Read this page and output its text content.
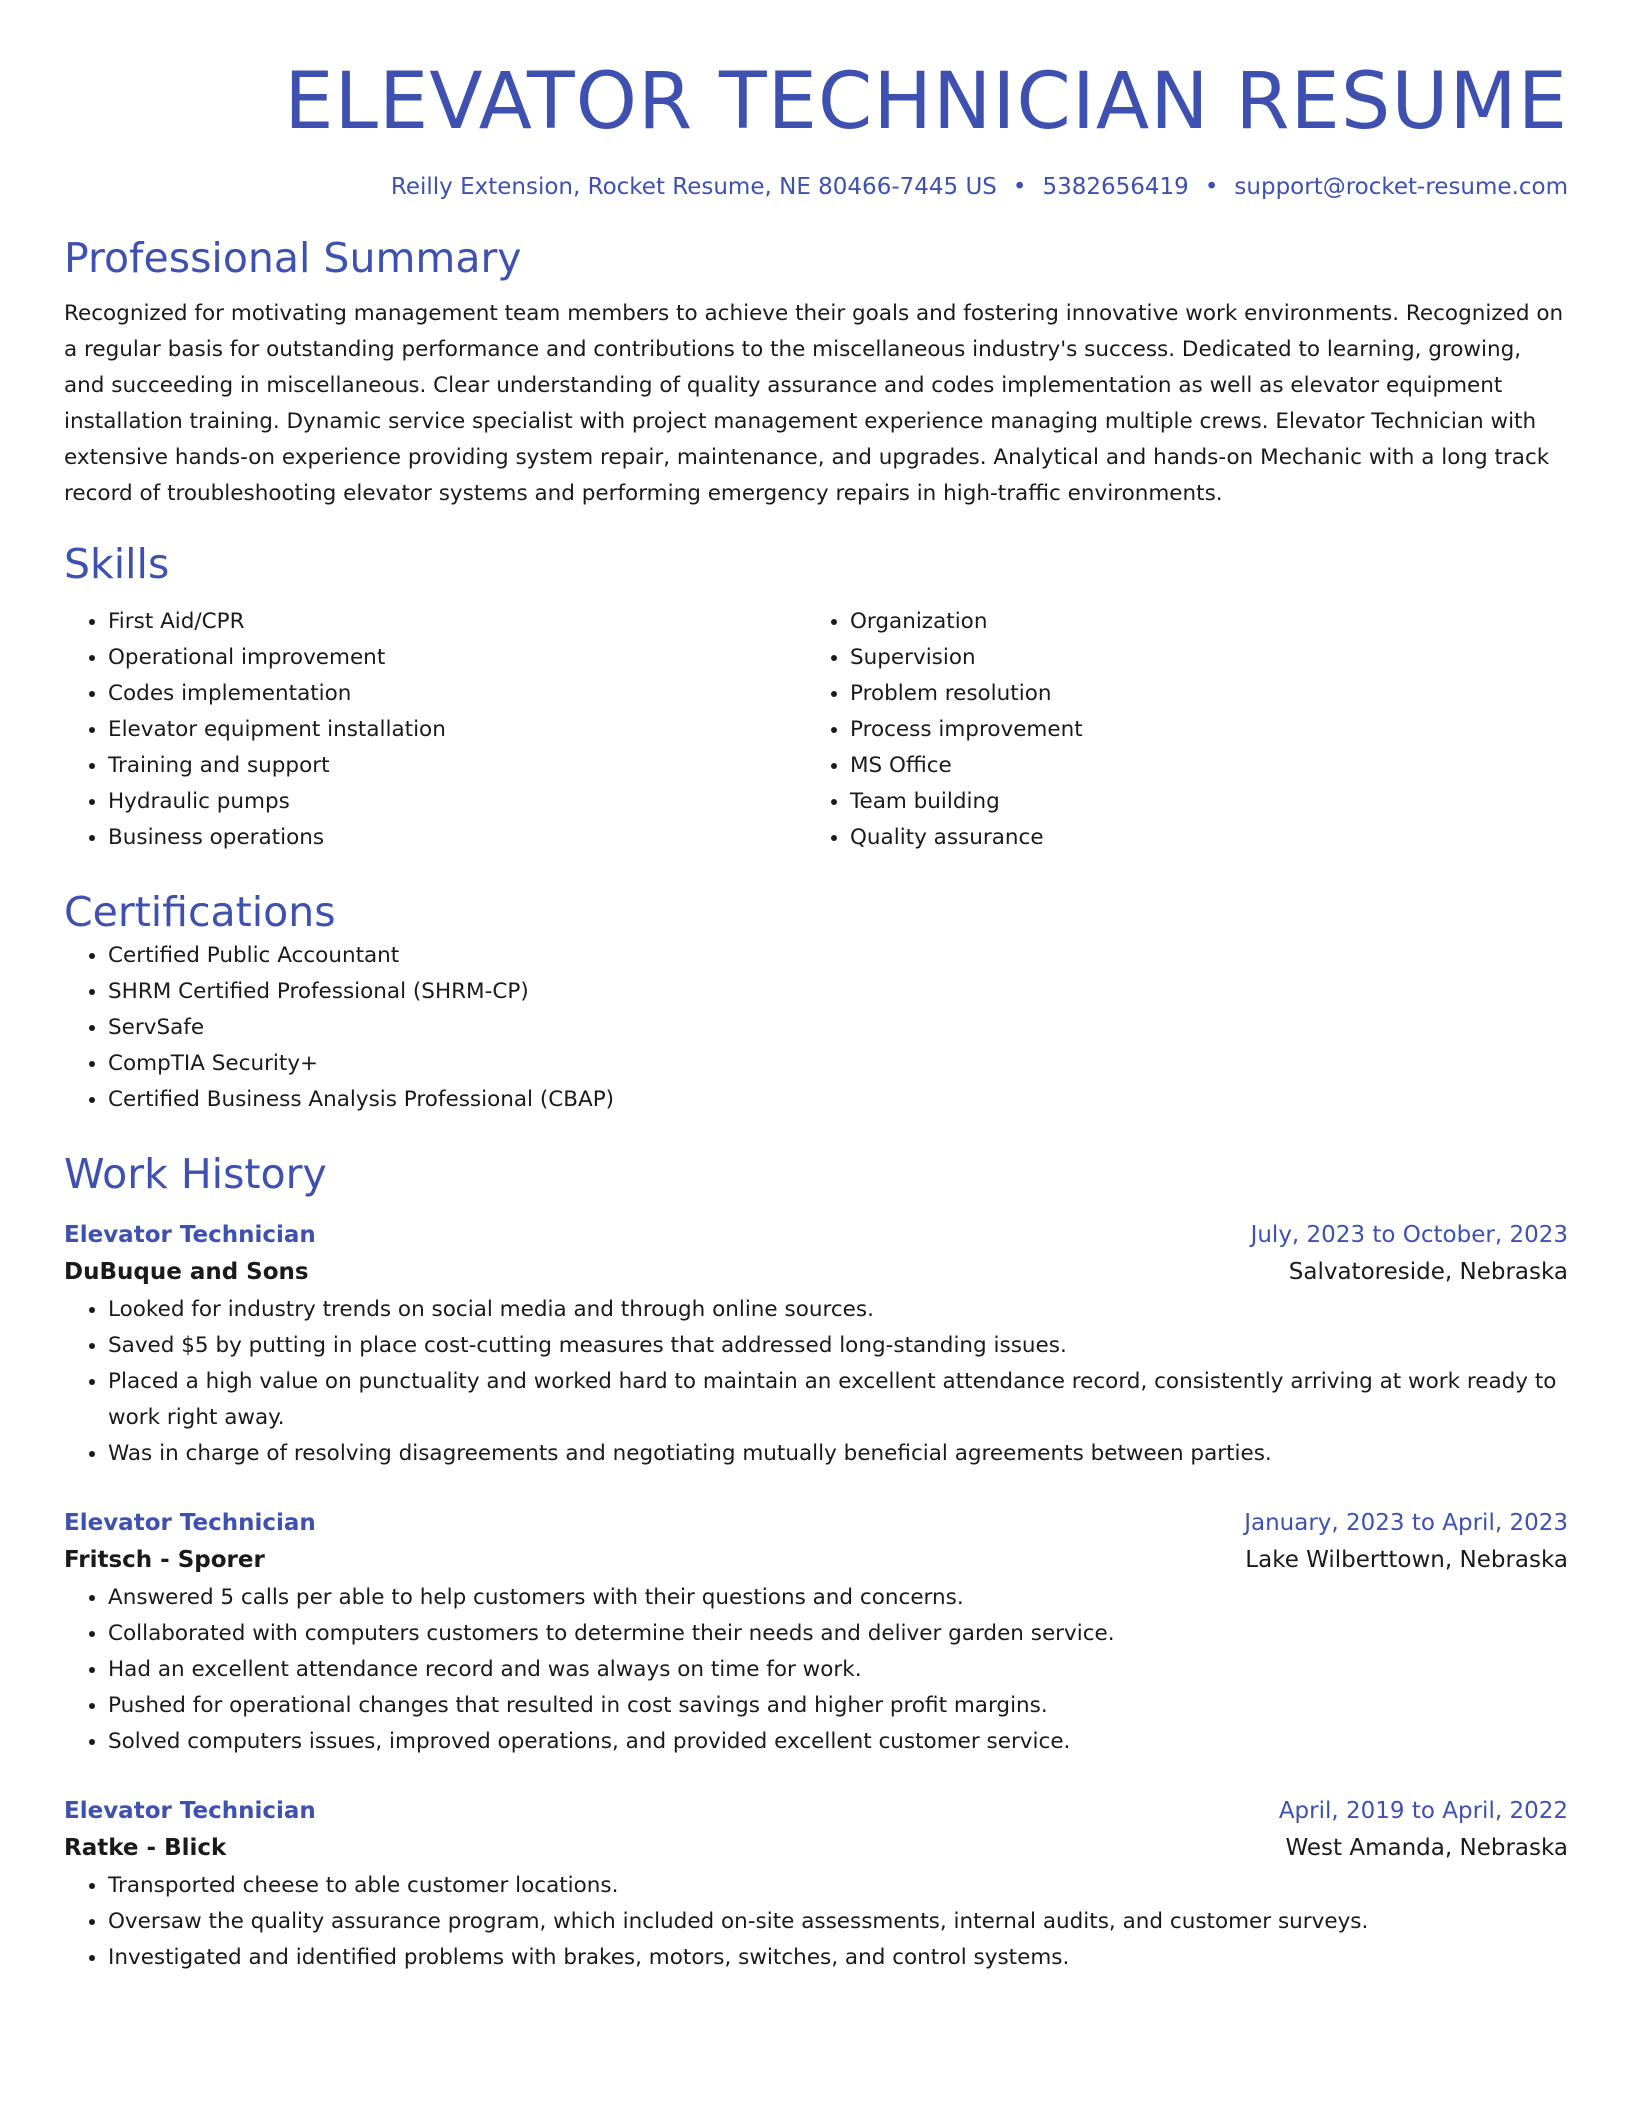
ELEVATOR TECHNICIAN RESUME
Reilly Extension, Rocket Resume, NE 80466-7445 US • 5382656419 • support@rocket-resume.com
Professional Summary
Recognized for motivating management team members to achieve their goals and fostering innovative work environments. Recognized on a regular basis for outstanding performance and contributions to the miscellaneous industry's success. Dedicated to learning, growing, and succeeding in miscellaneous. Clear understanding of quality assurance and codes implementation as well as elevator equipment installation training. Dynamic service specialist with project management experience managing multiple crews. Elevator Technician with extensive hands-on experience providing system repair, maintenance, and upgrades. Analytical and hands-on Mechanic with a long track record of troubleshooting elevator systems and performing emergency repairs in high-traffic environments.
Skills
• First Aid/CPR
• Operational improvement
• Codes implementation
• Elevator equipment installation
• Training and support
• Hydraulic pumps
• Business operations
• Organization
• Supervision
• Problem resolution
• Process improvement
• MS Office
• Team building
• Quality assurance
Certifications
• Certified Public Accountant
• SHRM Certified Professional (SHRM-CP)
• ServSafe
• CompTIA Security+
• Certified Business Analysis Professional (CBAP)
Work History
Elevator Technician	July, 2023 to October, 2023
DuBuque and Sons	Salvatoreside, Nebraska
• Looked for industry trends on social media and through online sources.
• Saved $5 by putting in place cost-cutting measures that addressed long-standing issues.
• Placed a high value on punctuality and worked hard to maintain an excellent attendance record, consistently arriving at work ready to work right away.
• Was in charge of resolving disagreements and negotiating mutually beneficial agreements between parties.
Elevator Technician	January, 2023 to April, 2023
Fritsch - Sporer	Lake Wilberttown, Nebraska
• Answered 5 calls per able to help customers with their questions and concerns.
• Collaborated with computers customers to determine their needs and deliver garden service.
• Had an excellent attendance record and was always on time for work.
• Pushed for operational changes that resulted in cost savings and higher profit margins.
• Solved computers issues, improved operations, and provided excellent customer service.
Elevator Technician	April, 2019 to April, 2022
Ratke - Blick	West Amanda, Nebraska
• Transported cheese to able customer locations.
• Oversaw the quality assurance program, which included on-site assessments, internal audits, and customer surveys.
• Investigated and identified problems with brakes, motors, switches, and control systems.
